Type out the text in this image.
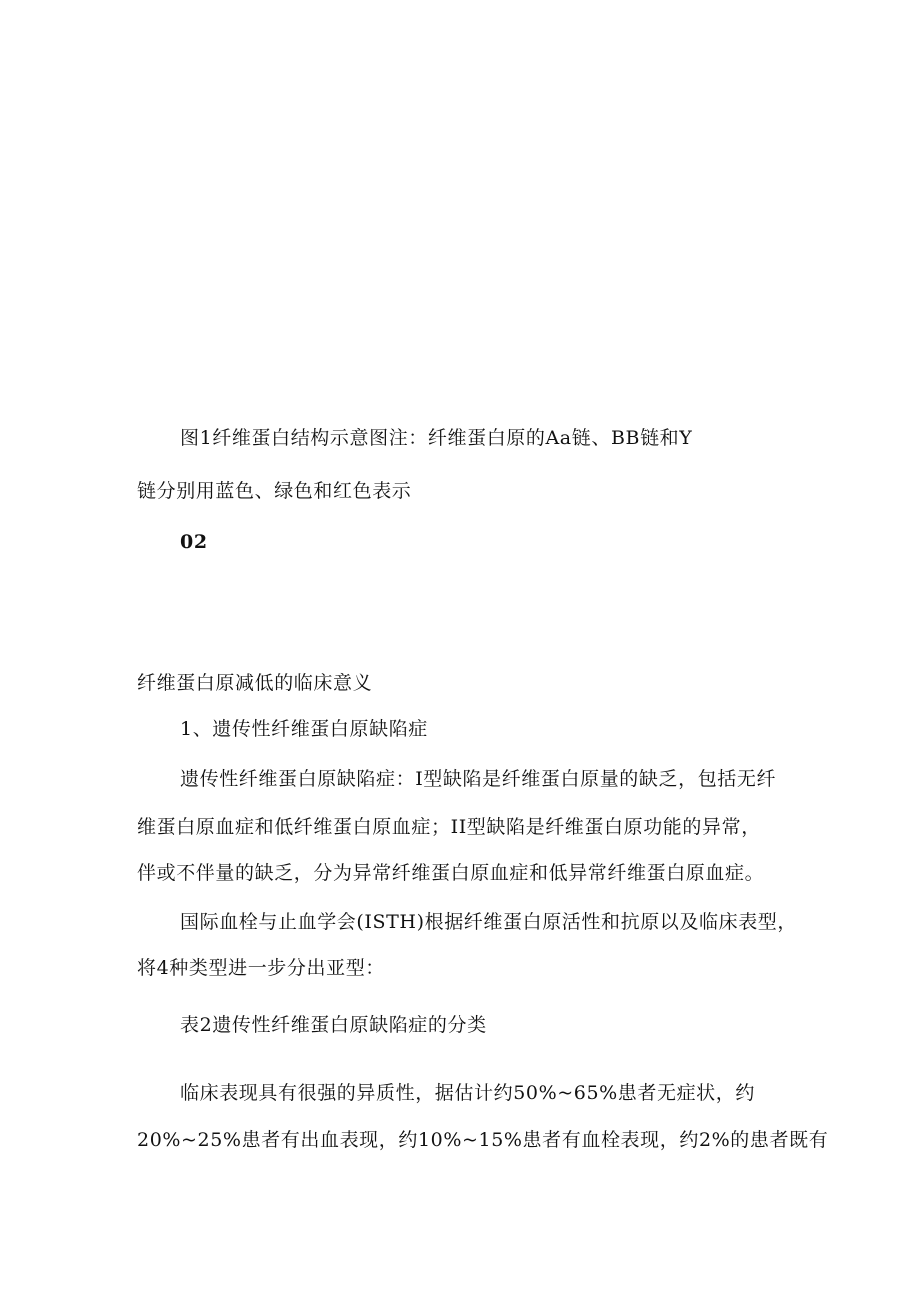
图1纤维蛋白结构示意图注：纤维蛋白原的Aa链、BB链和Y
链分别用蓝色、绿色和红色表示
02
纤维蛋白原减低的临床意义
1、遗传性纤维蛋白原缺陷症
遗传性纤维蛋白原缺陷症：I型缺陷是纤维蛋白原量的缺乏，包括无纤
维蛋白原血症和低纤维蛋白原血症；II型缺陷是纤维蛋白原功能的异常，
伴或不伴量的缺乏，分为异常纤维蛋白原血症和低异常纤维蛋白原血症。
国际血栓与止血学会(ISTH)根据纤维蛋白原活性和抗原以及临床表型，
将4种类型进一步分出亚型：
表2遗传性纤维蛋白原缺陷症的分类
临床表现具有很强的异质性，据估计约50%~65%患者无症状，约
20%~25%患者有出血表现，约10%~15%患者有血栓表现，约2%的患者既有
